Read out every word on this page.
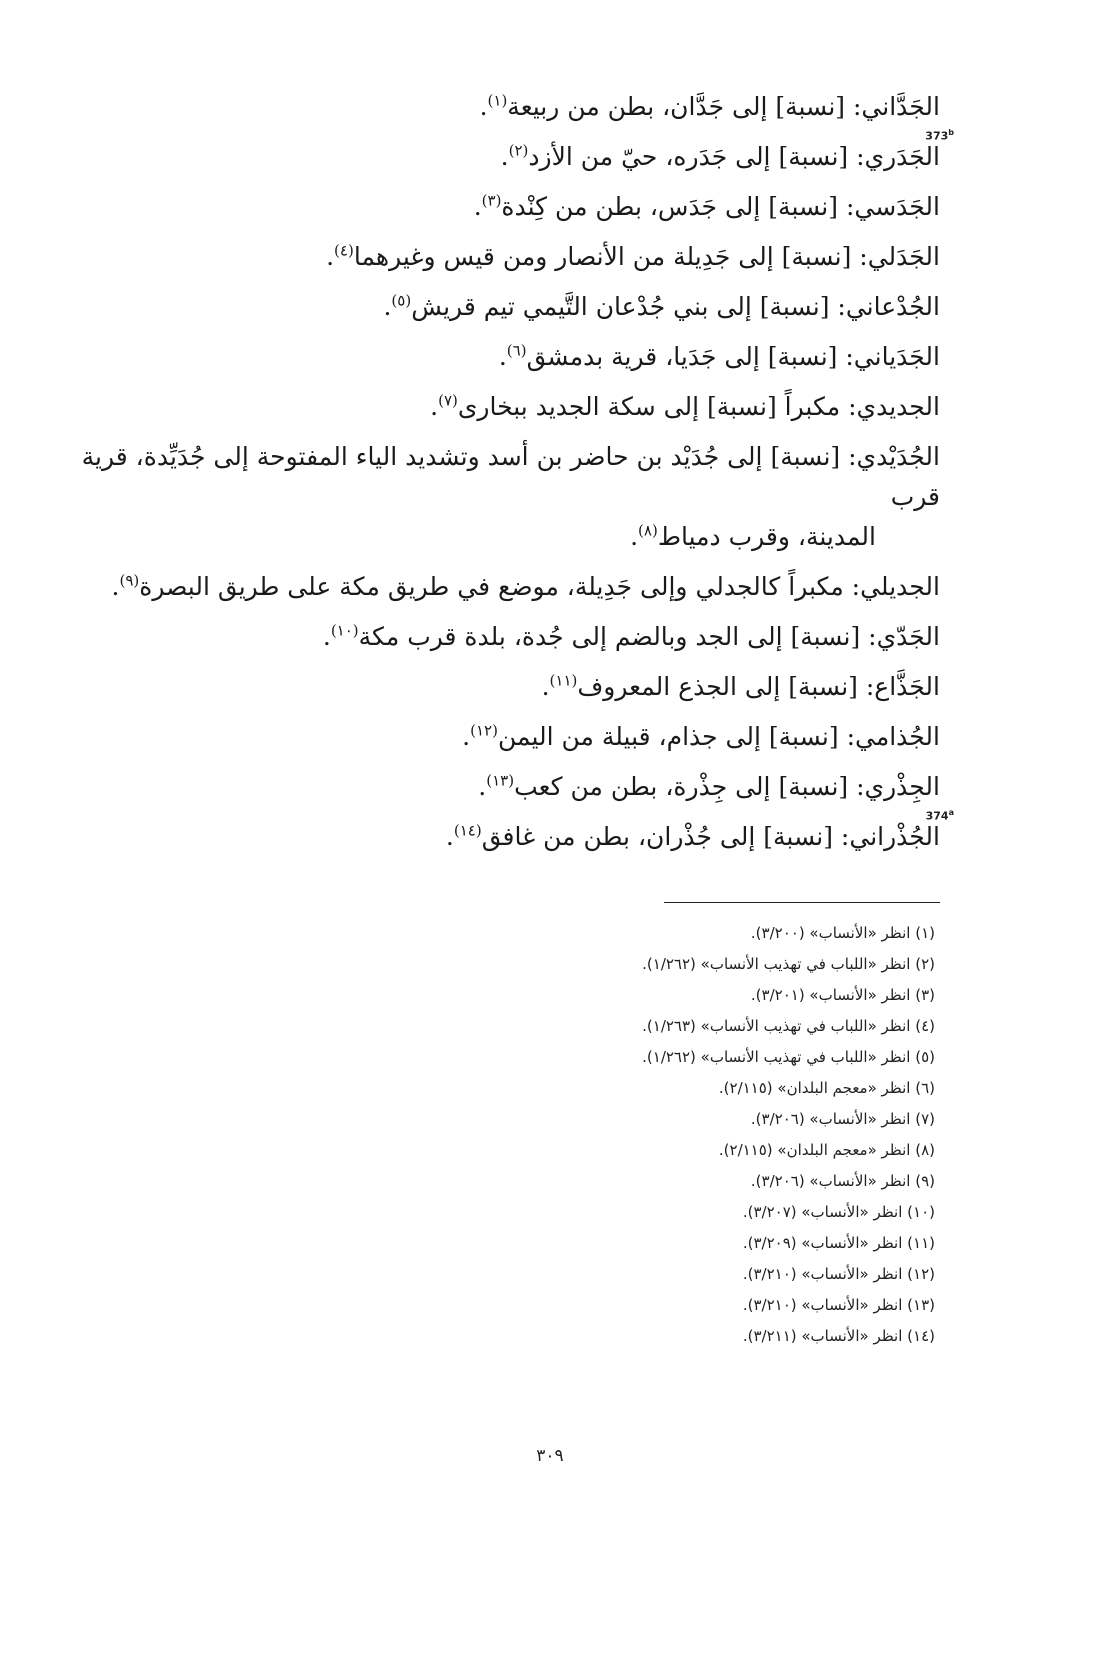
الجَدَّاني: [نسبة] إلى جَدَّان، بطن من ربيعة$^{(١)}$.

373$^b$

الجَدَري: [نسبة] إلى جَدَره، حيّ من الأزد$^{(٢)}$.

الجَدَسي: [نسبة] إلى جَدَس، بطن من كِنْدة$^{(٣)}$.

الجَدَلي: [نسبة] إلى جَدِيلة من الأنصار ومن قيس وغيرهما$^{(٤)}$.

الجُدْعاني: [نسبة] إلى بني جُدْعان التَّيمي تيم قريش$^{(٥)}$.

الجَدَياني: [نسبة] إلى جَدَيا، قرية بدمشق$^{(٦)}$.

الجديدي: مكبراً [نسبة] إلى سكة الجديد ببخارى$^{(٧)}$.

الجُدَيْدي: [نسبة] إلى جُدَيْد بن حاضر بن أسد وتشديد الياء المفتوحة إلى جُدَيِّدة، قرية قرب
المدينة، وقرب دمياط$^{(٨)}$.

الجديلي: مكبراً كالجدلي وإلى جَدِيلة، موضع في طريق مكة على طريق البصرة$^{(٩)}$.

الجَدّي: [نسبة] إلى الجد وبالضم إلى جُدة، بلدة قرب مكة$^{(١٠)}$.

الجَذَّاع: [نسبة] إلى الجذع المعروف$^{(١١)}$.

الجُذامي: [نسبة] إلى جذام، قبيلة من اليمن$^{(١٢)}$.

الجِذْري: [نسبة] إلى جِذْرة، بطن من كعب$^{(١٣)}$.

374$^a$

الجُذْراني: [نسبة] إلى جُذْران، بطن من غافق$^{(١٤)}$.

(١) انظر «الأنساب» (٣/٢٠٠).
(٢) انظر «اللباب في تهذيب الأنساب» (١/٢٦٢).
(٣) انظر «الأنساب» (٣/٢٠١).
(٤) انظر «اللباب في تهذيب الأنساب» (١/٢٦٣).
(٥) انظر «اللباب في تهذيب الأنساب» (١/٢٦٢).
(٦) انظر «معجم البلدان» (٢/١١٥).
(٧) انظر «الأنساب» (٣/٢٠٦).
(٨) انظر «معجم البلدان» (٢/١١٥).
(٩) انظر «الأنساب» (٣/٢٠٦).
(١٠) انظر «الأنساب» (٣/٢٠٧).
(١١) انظر «الأنساب» (٣/٢٠٩).
(١٢) انظر «الأنساب» (٣/٢١٠).
(١٣) انظر «الأنساب» (٣/٢١٠).
(١٤) انظر «الأنساب» (٣/٢١١).
٣٠٩
